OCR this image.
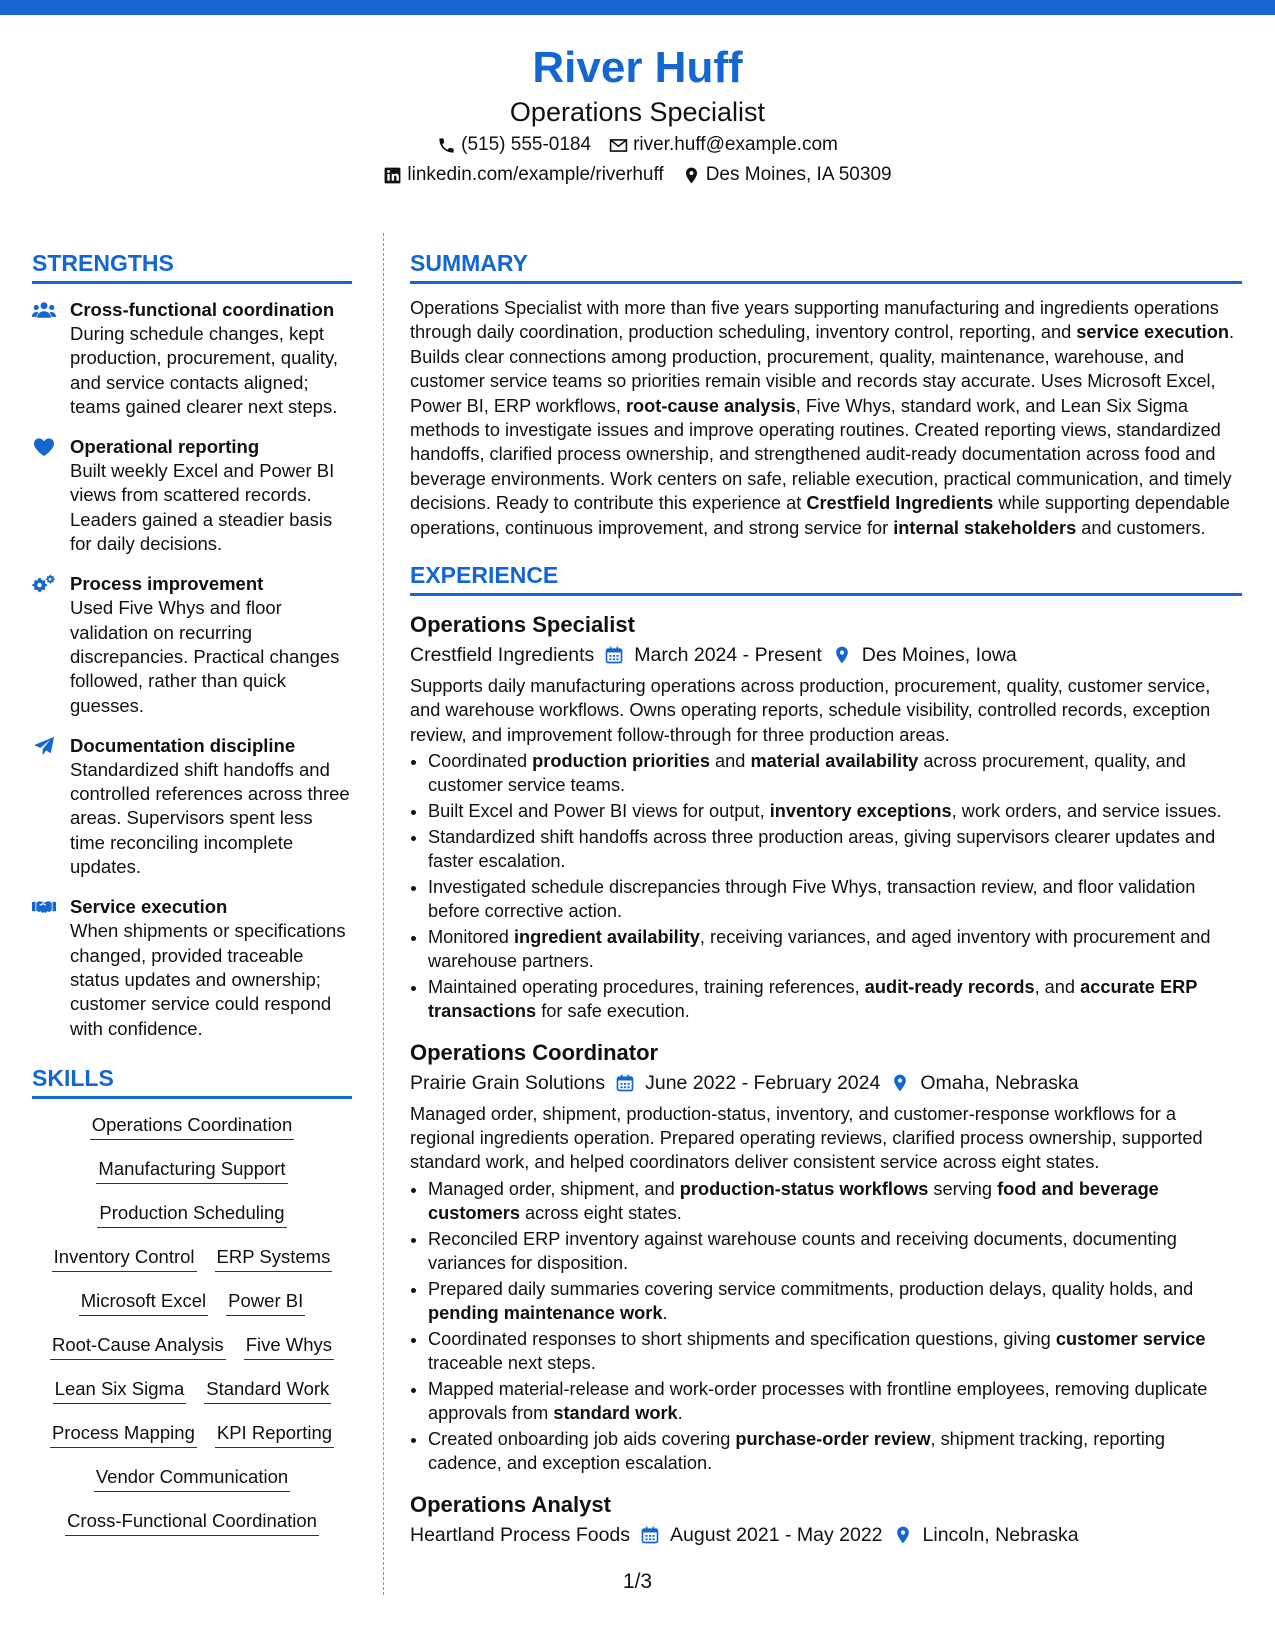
River Huff
Operations Specialist
(515) 555-0184 river.huff@example.com
linkedin.com/example/riverhuff Des Moines, IA 50309
STRENGTHS
Cross-functional coordination
During schedule changes, kept production, procurement, quality, and service contacts aligned; teams gained clearer next steps.
Operational reporting
Built weekly Excel and Power BI views from scattered records. Leaders gained a steadier basis for daily decisions.
Process improvement
Used Five Whys and floor validation on recurring discrepancies. Practical changes followed, rather than quick guesses.
Documentation discipline
Standardized shift handoffs and controlled references across three areas. Supervisors spent less time reconciling incomplete updates.
Service execution
When shipments or specifications changed, provided traceable status updates and ownership; customer service could respond with confidence.
SKILLS
Operations Coordination
Manufacturing Support
Production Scheduling
Inventory Control ERP Systems
Microsoft Excel Power BI
Root-Cause Analysis Five Whys
Lean Six Sigma Standard Work
Process Mapping KPI Reporting
Vendor Communication
Cross-Functional Coordination
SUMMARY
Operations Specialist with more than five years supporting manufacturing and ingredients operations through daily coordination, production scheduling, inventory control, reporting, and service execution. Builds clear connections among production, procurement, quality, maintenance, warehouse, and customer service teams so priorities remain visible and records stay accurate. Uses Microsoft Excel, Power BI, ERP workflows, root-cause analysis, Five Whys, standard work, and Lean Six Sigma methods to investigate issues and improve operating routines. Created reporting views, standardized handoffs, clarified process ownership, and strengthened audit-ready documentation across food and beverage environments. Work centers on safe, reliable execution, practical communication, and timely decisions. Ready to contribute this experience at Crestfield Ingredients while supporting dependable operations, continuous improvement, and strong service for internal stakeholders and customers.
EXPERIENCE
Operations Specialist
Crestfield Ingredients March 2024 - Present Des Moines, Iowa
Supports daily manufacturing operations across production, procurement, quality, customer service, and warehouse workflows. Owns operating reports, schedule visibility, controlled records, exception review, and improvement follow-through for three production areas.
• Coordinated production priorities and material availability across procurement, quality, and customer service teams.
• Built Excel and Power BI views for output, inventory exceptions, work orders, and service issues.
• Standardized shift handoffs across three production areas, giving supervisors clearer updates and faster escalation.
• Investigated schedule discrepancies through Five Whys, transaction review, and floor validation before corrective action.
• Monitored ingredient availability, receiving variances, and aged inventory with procurement and warehouse partners.
• Maintained operating procedures, training references, audit-ready records, and accurate ERP transactions for safe execution.
Operations Coordinator
Prairie Grain Solutions June 2022 - February 2024 Omaha, Nebraska
Managed order, shipment, production-status, inventory, and customer-response workflows for a regional ingredients operation. Prepared operating reviews, clarified process ownership, supported standard work, and helped coordinators deliver consistent service across eight states.
• Managed order, shipment, and production-status workflows serving food and beverage customers across eight states.
• Reconciled ERP inventory against warehouse counts and receiving documents, documenting variances for disposition.
• Prepared daily summaries covering service commitments, production delays, quality holds, and pending maintenance work.
• Coordinated responses to short shipments and specification questions, giving customer service traceable next steps.
• Mapped material-release and work-order processes with frontline employees, removing duplicate approvals from standard work.
• Created onboarding job aids covering purchase-order review, shipment tracking, reporting cadence, and exception escalation.
Operations Analyst
Heartland Process Foods August 2021 - May 2022 Lincoln, Nebraska
1/3
